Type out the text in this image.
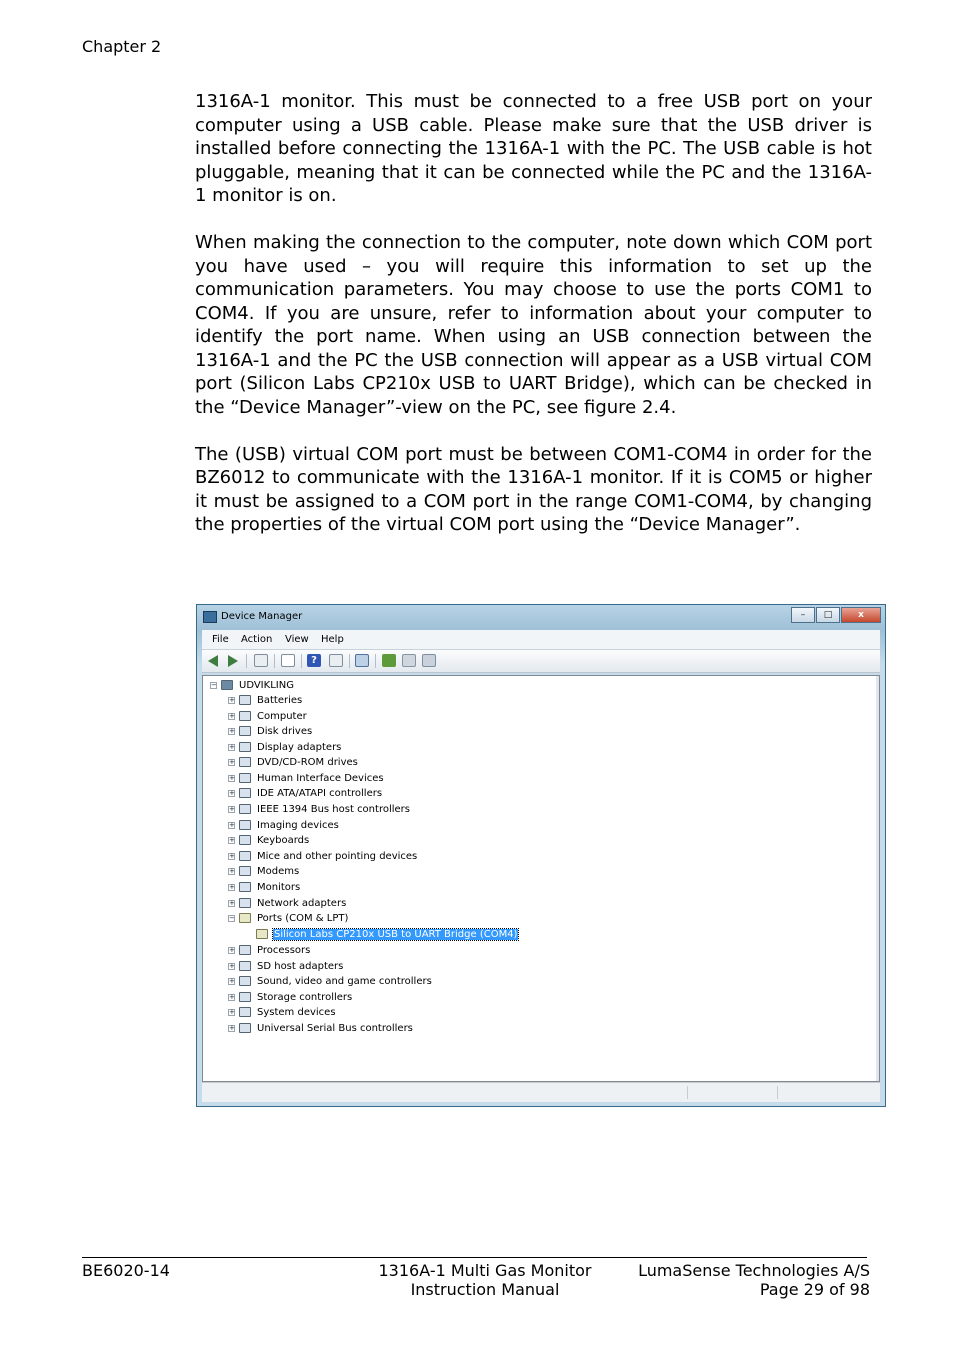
Chapter 2

1316A-1 monitor. This must be connected to a free USB port on your computer using a USB cable. Please make sure that the USB driver is installed before connecting the 1316A-1 with the PC. The USB cable is hot pluggable, meaning that it can be connected while the PC and the 1316A-1 monitor is on.

When making the connection to the computer, note down which COM port you have used – you will require this information to set up the communication parameters. You may choose to use the ports COM1 to COM4. If you are unsure, refer to information about your computer to identify the port name. When using an USB connection between the 1316A-1 and the PC the USB connection will appear as a USB virtual COM port (Silicon Labs CP210x USB to UART Bridge), which can be checked in the “Device Manager”-view on the PC, see figure 2.4.

The (USB) virtual COM port must be between COM1-COM4 in order for the BZ6012 to communicate with the 1316A-1 monitor. If it is COM5 or higher it must be assigned to a COM port in the range COM1-COM4, by changing the properties of the virtual COM port using the “Device Manager”.

Device Manager	–	□	x
File Action View Help
?
− UDVIKLING
+ Batteries
+ Computer
+ Disk drives
+ Display adapters
+ DVD/CD-ROM drives
+ Human Interface Devices
+ IDE ATA/ATAPI controllers
+ IEEE 1394 Bus host controllers
+ Imaging devices
+ Keyboards
+ Mice and other pointing devices
+ Modems
+ Monitors
+ Network adapters
− Ports (COM & LPT)
Silicon Labs CP210x USB to UART Bridge (COM4)
+ Processors
+ SD host adapters
+ Sound, video and game controllers
+ Storage controllers
+ System devices
+ Universal Serial Bus controllers
BE6020-14	1316A-1 Multi Gas Monitor
Instruction Manual
LumaSense Technologies A/S
Page 29 of 98
